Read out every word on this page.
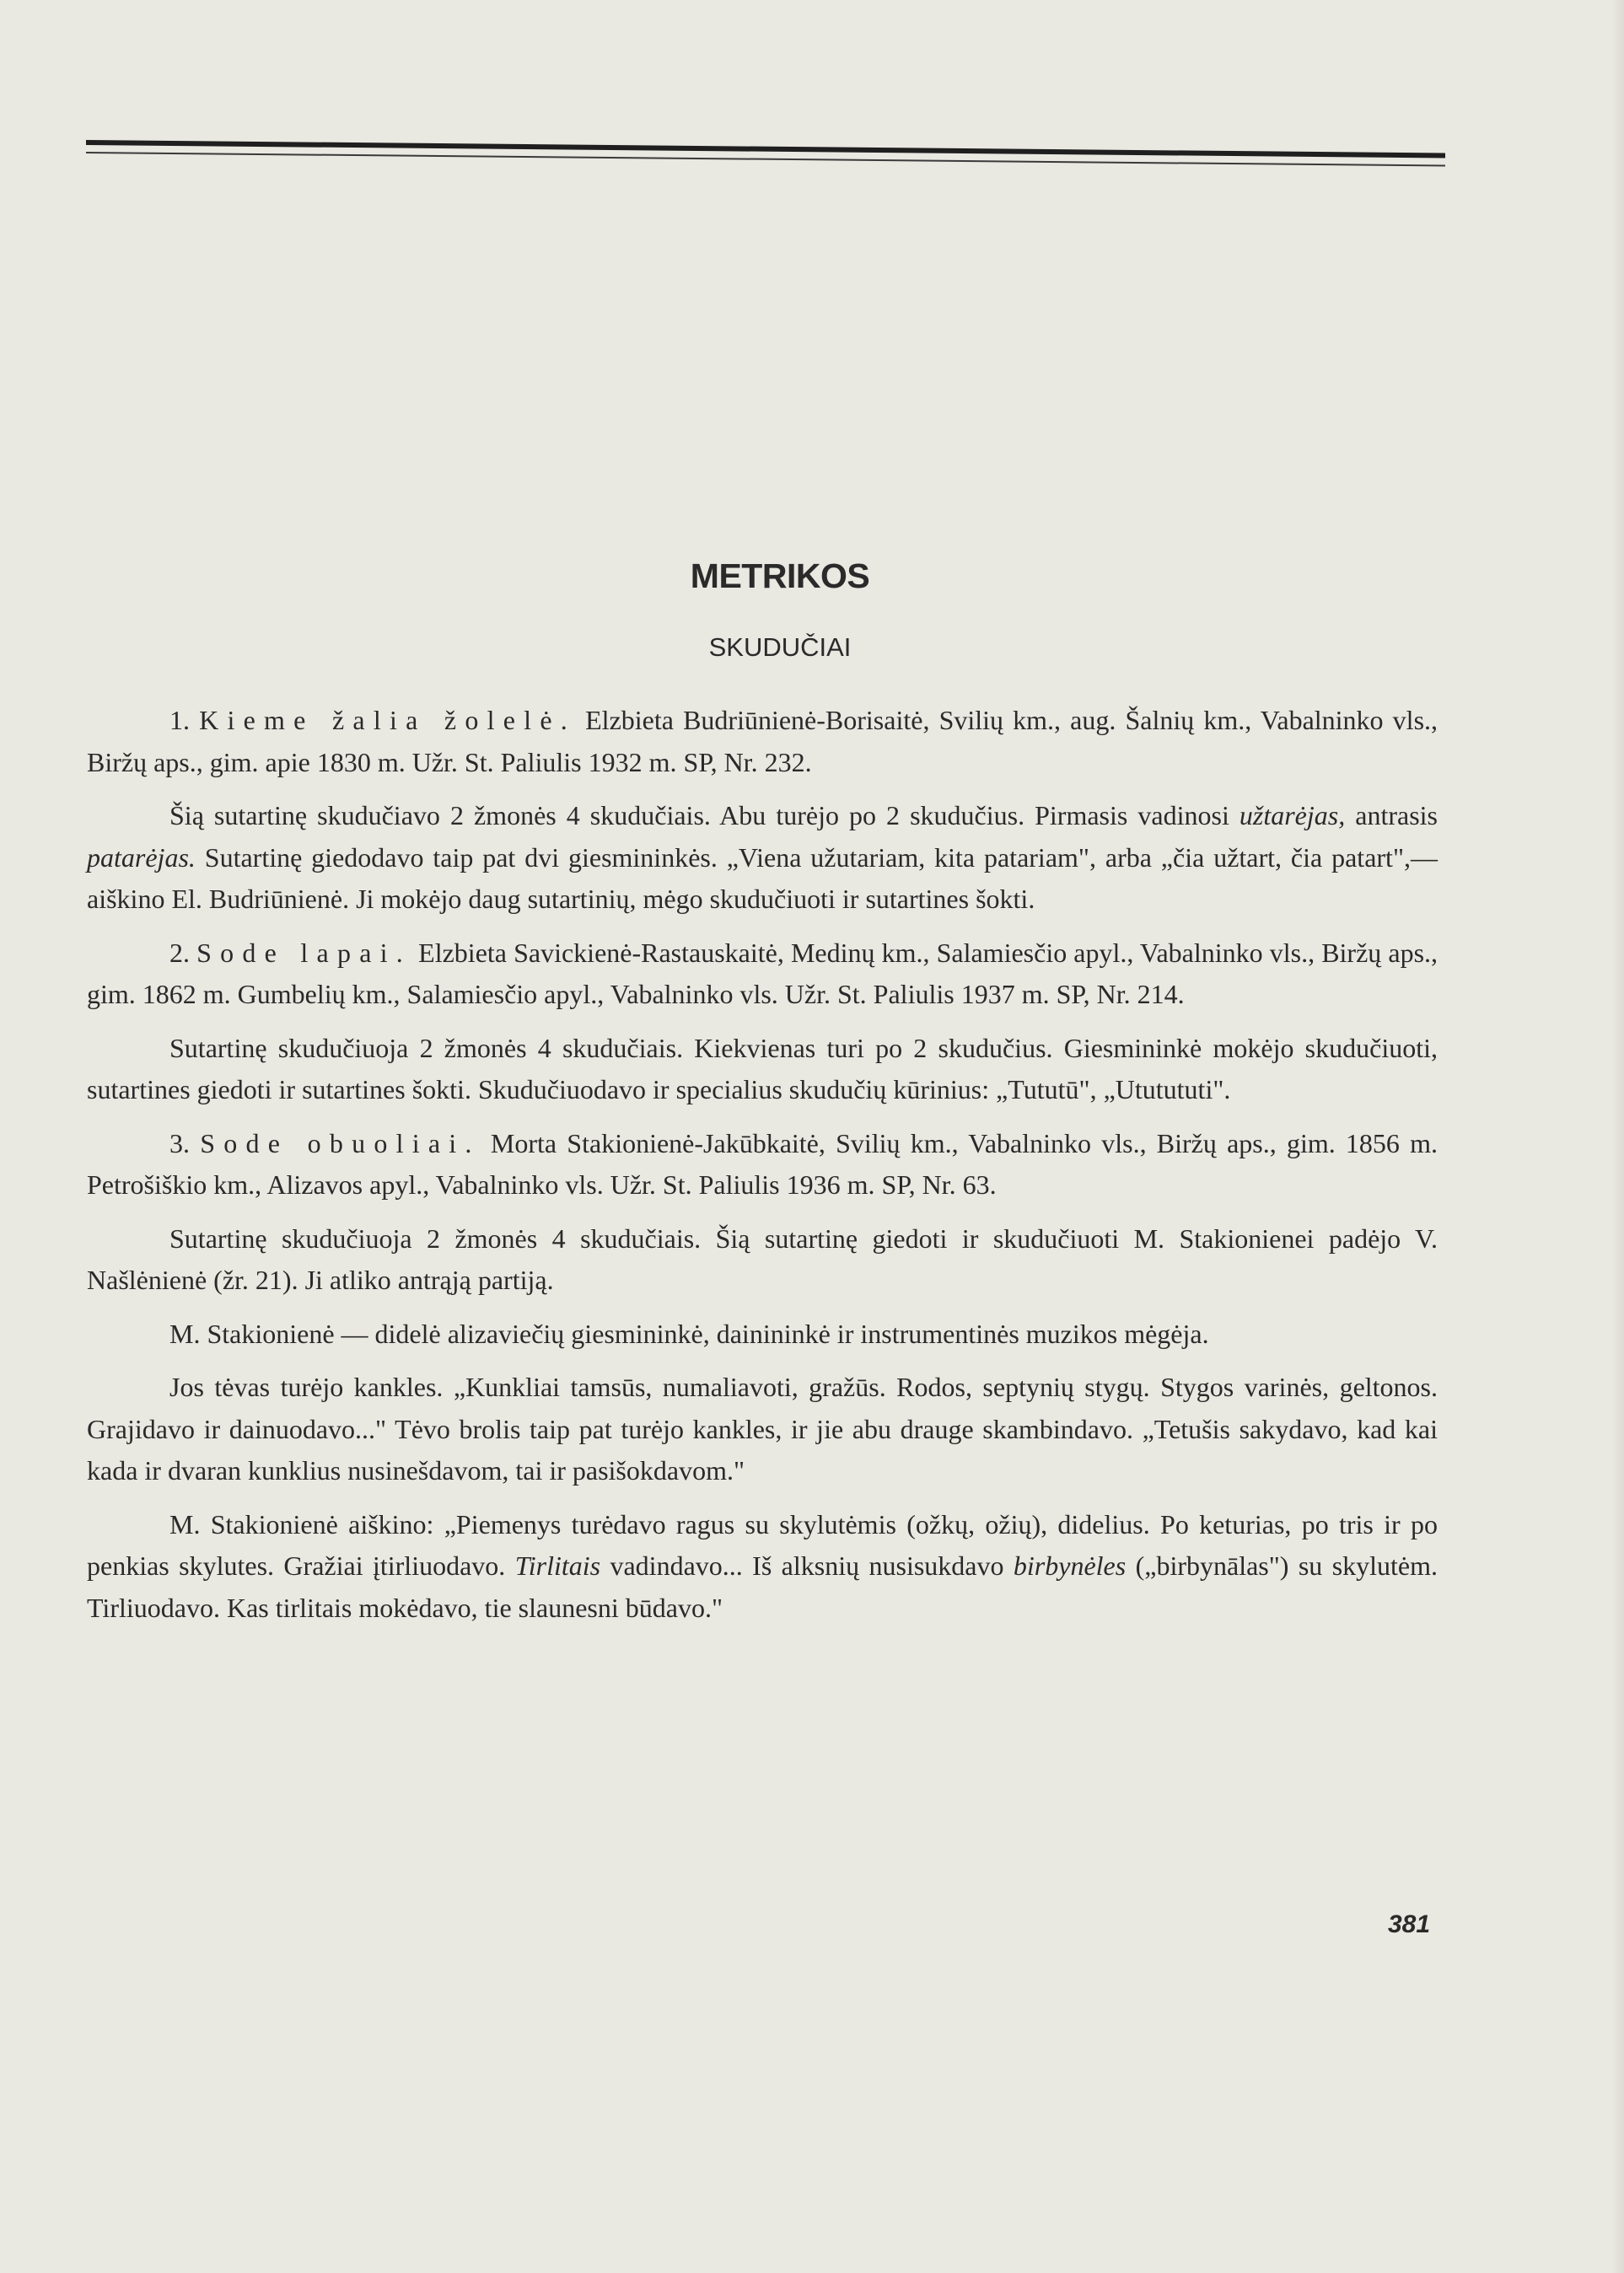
METRIKOS
SKUDUČIAI

1. Kieme žalia žolelė. Elzbieta Budriūnienė-Borisaitė, Svilių km., aug. Šalnių km., Vabalninko vls., Biržų aps., gim. apie 1830 m. Užr. St. Paliulis 1932 m. SP, Nr. 232.

Šią sutartinę skudučiavo 2 žmonės 4 skudučiais. Abu turėjo po 2 skudučius. Pirmasis vadinosi užtarėjas, antrasis patarėjas. Sutartinę giedodavo taip pat dvi giesmininkės. „Viena užutariam, kita patariam", arba „čia užtart, čia patart",— aiškino El. Budriūnienė. Ji mokėjo daug sutartinių, mėgo skudučiuoti ir sutartines šokti.

2. Sode lapai. Elzbieta Savickienė-Rastauskaitė, Medinų km., Salamiesčio apyl., Vabalninko vls., Biržų aps., gim. 1862 m. Gumbelių km., Salamiesčio apyl., Vabalninko vls. Užr. St. Paliulis 1937 m. SP, Nr. 214.

Sutartinę skudučiuoja 2 žmonės 4 skudučiais. Kiekvienas turi po 2 skudučius. Giesmininkė mokėjo skudučiuoti, sutartines giedoti ir sutartines šokti. Skudučiuodavo ir specialius skudučių kūrinius: „Tututū", „Ututututi".

3. Sode obuoliai. Morta Stakionienė-Jakūbkaitė, Svilių km., Vabalninko vls., Biržų aps., gim. 1856 m. Petrošiškio km., Alizavos apyl., Vabalninko vls. Užr. St. Paliulis 1936 m. SP, Nr. 63.

Sutartinę skudučiuoja 2 žmonės 4 skudučiais. Šią sutartinę giedoti ir skudučiuoti M. Stakionienei padėjo V. Našlėnienė (žr. 21). Ji atliko antrąją partiją.

M. Stakionienė — didelė alizaviečių giesmininkė, dainininkė ir instrumentinės muzikos mėgėja.

Jos tėvas turėjo kankles. „Kunkliai tamsūs, numaliavoti, gražūs. Rodos, septynių stygų. Stygos varinės, geltonos. Grajidavo ir dainuodavo..." Tėvo brolis taip pat turėjo kankles, ir jie abu drauge skambindavo. „Tetušis sakydavo, kad kai kada ir dvaran kunklius nusinešdavom, tai ir pasišokdavom."

M. Stakionienė aiškino: „Piemenys turėdavo ragus su skylutėmis (ožkų, ožių), didelius. Po keturias, po tris ir po penkias skylutes. Gražiai įtirliuodavo. Tirlitais vadindavo... Iš alksnių nusisukdavo birbynėles („birbynālas") su skylutėm. Tirliuodavo. Kas tirlitais mokėdavo, tie slaunesni būdavo."

381
